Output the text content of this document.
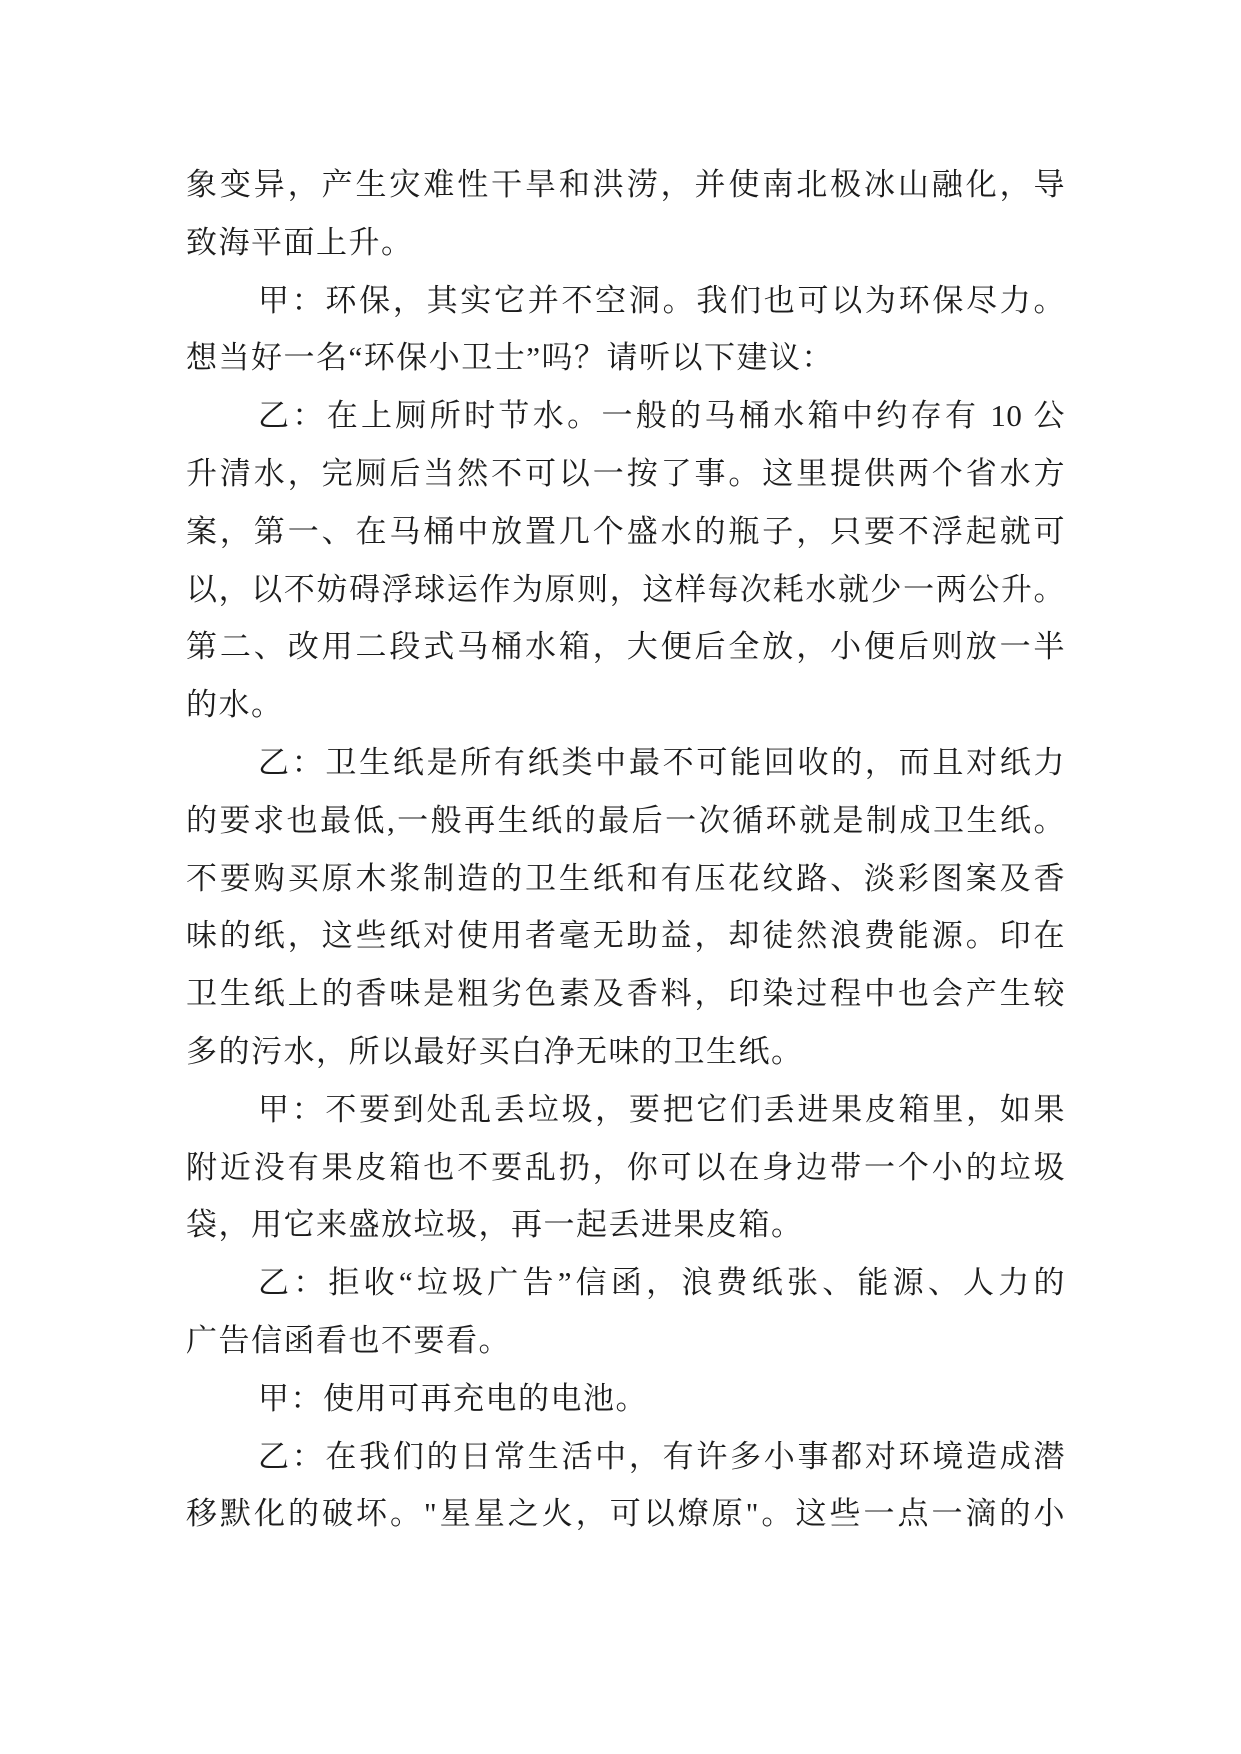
象变异，产生灾难性干旱和洪涝，并使南北极冰山融化，导
致海平面上升。
甲：环保，其实它并不空洞。我们也可以为环保尽力。
想当好一名“环保小卫士”吗？请听以下建议：
乙：在上厕所时节水。一般的马桶水箱中约存有 10 公
升清水，完厕后当然不可以一按了事。这里提供两个省水方
案，第一、在马桶中放置几个盛水的瓶子，只要不浮起就可
以，以不妨碍浮球运作为原则，这样每次耗水就少一两公升。
第二、改用二段式马桶水箱，大便后全放，小便后则放一半
的水。
乙：卫生纸是所有纸类中最不可能回收的，而且对纸力
的要求也最低,一般再生纸的最后一次循环就是制成卫生纸。
不要购买原木浆制造的卫生纸和有压花纹路、淡彩图案及香
味的纸，这些纸对使用者毫无助益，却徒然浪费能源。印在
卫生纸上的香味是粗劣色素及香料，印染过程中也会产生较
多的污水，所以最好买白净无味的卫生纸。
甲：不要到处乱丢垃圾，要把它们丢进果皮箱里，如果
附近没有果皮箱也不要乱扔，你可以在身边带一个小的垃圾
袋，用它来盛放垃圾，再一起丢进果皮箱。
乙：拒收“垃圾广告”信函，浪费纸张、能源、人力的
广告信函看也不要看。
甲：使用可再充电的电池。
乙：在我们的日常生活中，有许多小事都对环境造成潜
移默化的破坏。"星星之火，可以燎原"。这些一点一滴的小
